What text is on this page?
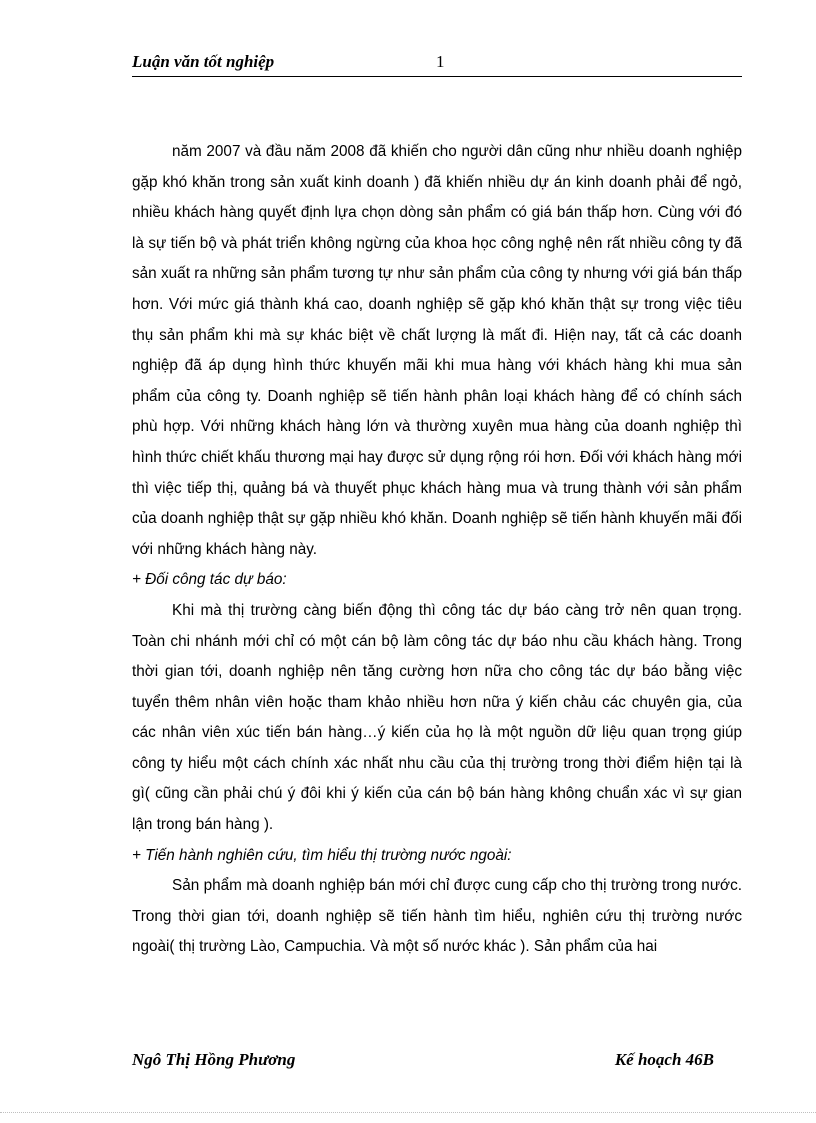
Luận văn tốt nghiệp	1

năm 2007 và đầu năm 2008 đã khiến cho người dân cũng như nhiều doanh nghiệp gặp khó khăn trong sản xuất kinh doanh ) đã khiến nhiều dự án kinh doanh phải để ngỏ, nhiều khách hàng quyết định lựa chọn dòng sản phẩm có giá bán thấp hơn. Cùng với đó là sự tiến bộ và phát triển không ngừng của khoa học công nghệ nên rất nhiều công ty đã sản xuất ra những sản phẩm tương tự như sản phẩm của công ty nhưng với giá bán thấp hơn. Với mức giá thành khá cao, doanh nghiệp sẽ gặp khó khăn thật sự trong việc tiêu thụ sản phẩm khi mà sự khác biệt về chất lượng là mất đi. Hiện nay, tất cả các doanh nghiệp đã áp dụng hình thức khuyến mãi khi mua hàng với khách hàng khi mua sản phẩm của công ty. Doanh nghiệp sẽ tiến hành phân loại khách hàng để có chính sách phù hợp. Với những khách hàng lớn và thường xuyên mua hàng của doanh nghiệp thì hình thức chiết khấu thương mại hay được sử dụng rộng rói hơn. Đối với khách hàng mới thì việc tiếp thị, quảng bá và thuyết phục khách hàng mua và trung thành với sản phẩm của doanh nghiệp thật sự gặp nhiều khó khăn. Doanh nghiệp sẽ tiến hành khuyến mãi đối với những khách hàng này.

+ Đối công tác dự báo:

Khi mà thị trường càng biến động thì công tác dự báo càng trở nên quan trọng. Toàn chi nhánh mới chỉ có một cán bộ làm công tác dự báo nhu cầu khách hàng. Trong thời gian tới, doanh nghiệp nên tăng cường hơn nữa cho công tác dự báo bằng việc tuyển thêm nhân viên hoặc tham khảo nhiều hơn nữa ý kiến chảu các chuyên gia, của các nhân viên xúc tiến bán hàng…ý kiến của họ là một nguồn dữ liệu quan trọng giúp công ty hiểu một cách chính xác nhất nhu cầu của thị trường trong thời điểm hiện tại là gì( cũng cần phải chú ý đôi khi ý kiến của cán bộ bán hàng không chuẩn xác vì sự gian lận trong bán hàng ).

+ Tiến hành nghiên cứu, tìm hiểu thị trường nước ngoài:

Sản phẩm mà doanh nghiệp bán mới chỉ được cung cấp cho thị trường trong nước. Trong thời gian tới, doanh nghiệp sẽ tiến hành tìm hiểu, nghiên cứu thị trường nước ngoài( thị trường Lào, Campuchia. Và một số nước khác ). Sản phẩm của hai

Ngô Thị Hồng Phương	Kế hoạch 46B
